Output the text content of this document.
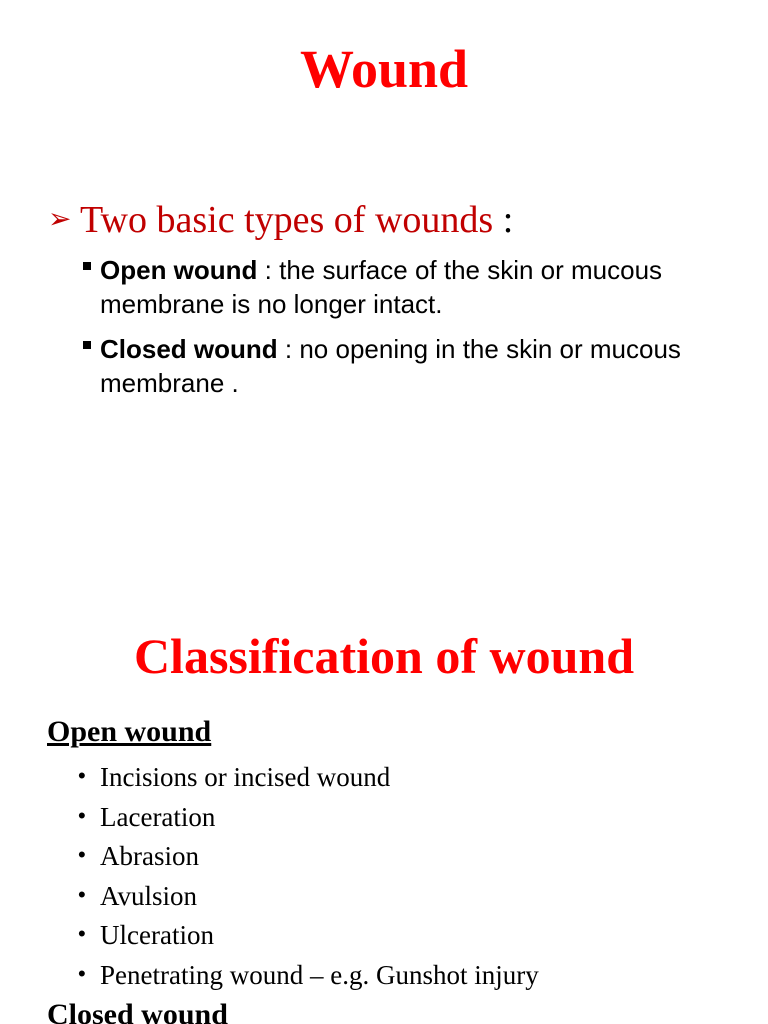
Wound
➢ Two basic types of wounds :
Open wound : the surface of the skin or mucous membrane is no longer intact.
Closed wound : no opening in the skin or mucous membrane .
Classification of wound
Open wound
• Incisions or incised wound
• Laceration
• Abrasion
• Avulsion
• Ulceration
• Penetrating wound – e.g. Gunshot injury
Closed wound
